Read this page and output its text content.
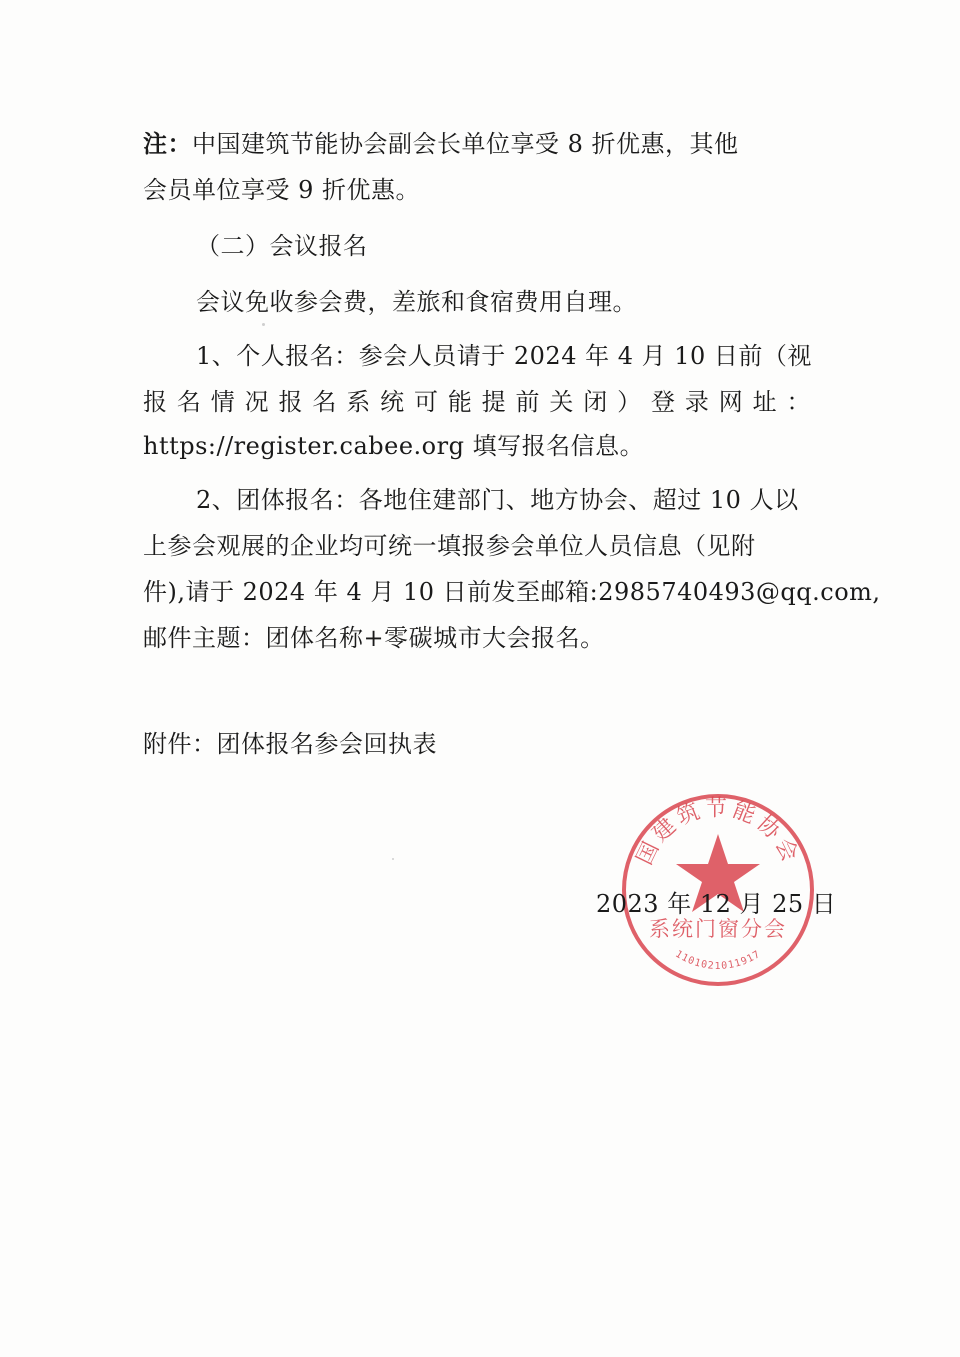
注：中国建筑节能协会副会长单位享受 8 折优惠，其他
会员单位享受 9 折优惠。
（二）会议报名
会议免收参会费，差旅和食宿费用自理。
1、个人报名：参会人员请于 2024 年 4 月 10 日前（视
报名情况报名系统可能提前关闭）登录网址：
https://register.cabee.org 填写报名信息。
2、团体报名：各地住建部门、地方协会、超过 10 人以
上参会观展的企业均可统一填报参会单位人员信息（见附
件),请于 2024 年 4 月 10 日前发至邮箱:2985740493@qq.com,
邮件主题：团体名称+零碳城市大会报名。
附件：团体报名参会回执表
国建筑节能协会
系统门窗分会
1101021011917
2023 年 12 月 25 日
